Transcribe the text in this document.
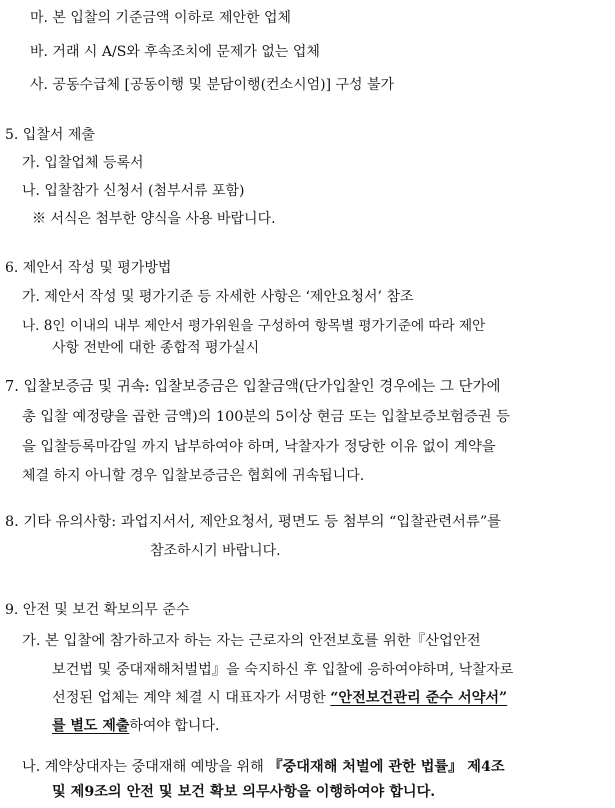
마. 본 입찰의 기준금액 이하로 제안한 업체
바. 거래 시 A/S와 후속조치에 문제가 없는 업체
사. 공동수급체 [공동이행 및 분담이행(컨소시엄)] 구성 불가
5. 입찰서 제출
가. 입찰업체 등록서
나. 입찰참가 신청서 (첨부서류 포함)
※ 서식은 첨부한 양식을 사용 바랍니다.
6. 제안서 작성 및 평가방법
가. 제안서 작성 및 평가기준 등 자세한 사항은 ‘제안요청서’ 참조
나. 8인 이내의 내부 제안서 평가위원을 구성하여 항목별 평가기준에 따라 제안
사항 전반에 대한 종합적 평가실시
7. 입찰보증금 및 귀속: 입찰보증금은 입찰금액(단가입찰인 경우에는 그 단가에
총 입찰 예정량을 곱한 금액)의 100분의 5이상 현금 또는 입찰보증보험증권 등
을 입찰등록마감일 까지 납부하여야 하며, 낙찰자가 정당한 이유 없이 계약을
체결 하지 아니할 경우 입찰보증금은 협회에 귀속됩니다.
8. 기타 유의사항: 과업지서서, 제안요청서, 평면도 등 첨부의 “입찰관련서류”를
참조하시기 바랍니다.
9. 안전 및 보건 확보의무 준수
가. 본 입찰에 참가하고자 하는 자는 근로자의 안전보호를 위한『산업안전
보건법 및 중대재해처벌법』을 숙지하신 후 입찰에 응하여야하며, 낙찰자로
선정된 업체는 계약 체결 시 대표자가 서명한 “안전보건관리 준수 서약서”
를 별도 제출하여야 합니다.
나. 계약상대자는 중대재해 예방을 위해 『중대재해 처벌에 관한 법률』 제4조
및 제9조의 안전 및 보건 확보 의무사항을 이행하여야 합니다.
